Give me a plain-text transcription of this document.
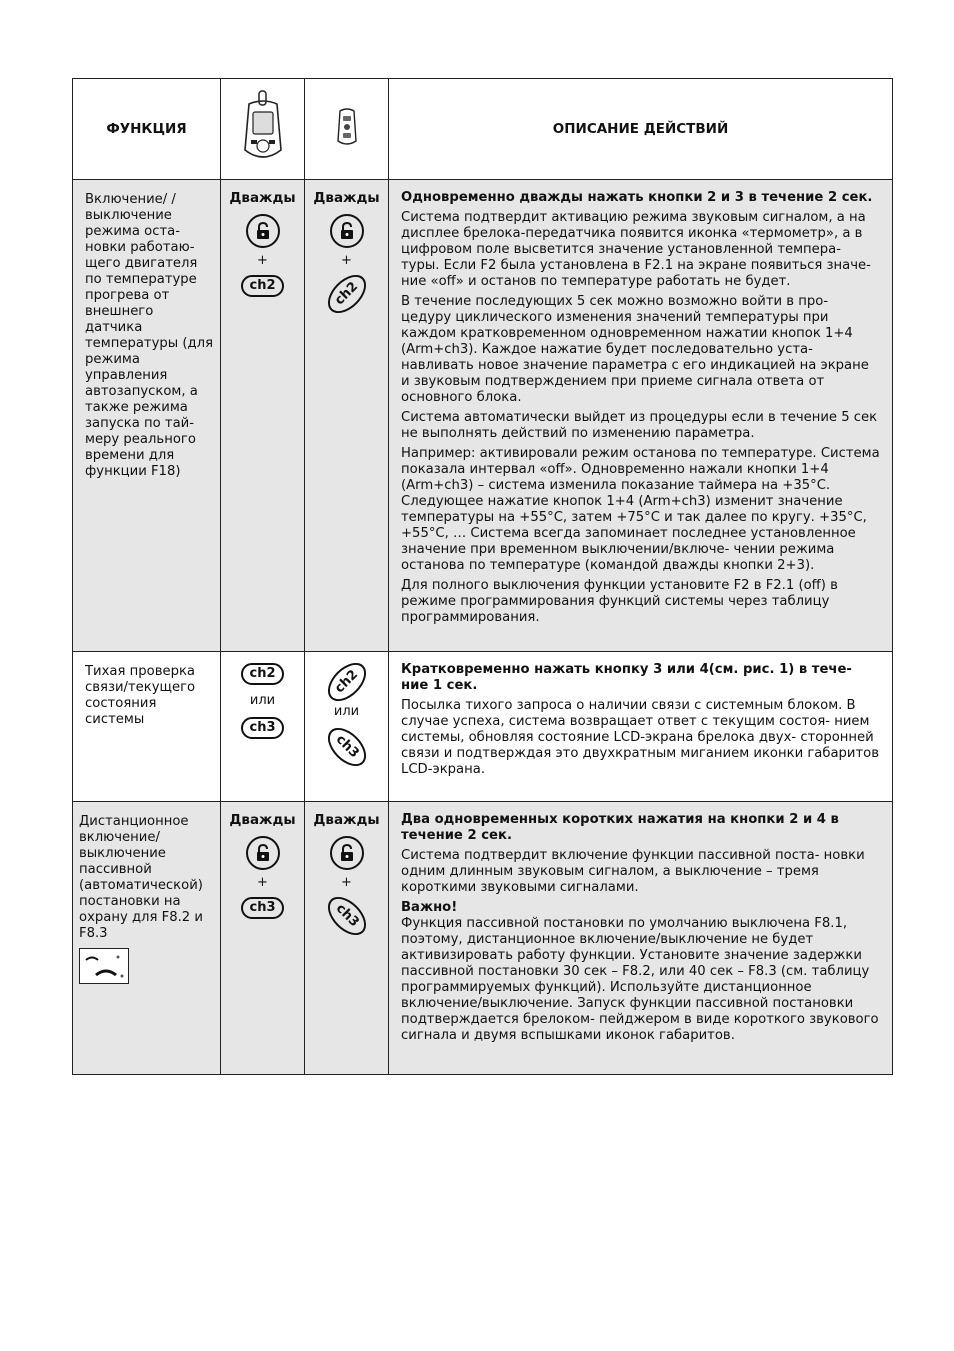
ФУНКЦИЯ	ОПИСАНИЕ ДЕЙСТВИЙ
Включение/ /выключение режима оста- новки работаю- щего двигателя по температуре прогрева от внешнего датчика температуры (для режима управления автозапуском, а также режима запуска по тай- меру реального времени для функции F18)
Дважды
+
ch2
Дважды
+
ch2

Одновременно дважды нажать кнопки 2 и 3 в течение 2 сек.

Система подтвердит активацию режима звуковым сигналом, а на дисплее брелока-передатчика появится иконка «термометр», а в цифровом поле высветится значение установленной темпера- туры. Если F2 была установлена в F2.1 на экране появиться значе- ние «off» и останов по температуре работать не будет.

В течение последующих 5 сек можно возможно войти в про- цедуру циклического изменения значений температуры при каждом кратковременном одновременном нажатии кнопок 1+4 (Arm+ch3). Каждое нажатие будет последовательно уста- навливать новое значение параметра с его индикацией на экране и звуковым подтверждением при приеме сигнала ответа от основного блока.

Система автоматически выйдет из процедуры если в течение 5 сек не выполнять действий по изменению параметра.

Например: активировали режим останова по температуре. Система показала интервал «off». Одновременно нажали кнопки 1+4 (Arm+ch3) – система изменила показание таймера на +35°C. Следующее нажатие кнопок 1+4 (Arm+ch3) изменит значение температуры на +55°C, затем +75°C и так далее по кругу. +35°C, +55°C, … Система всегда запоминает последнее установленное значение при временном выключении/включе- чении режима останова по температуре (командой дважды кнопки 2+3).

Для полного выключения функции установите F2 в F2.1 (off) в режиме программирования функций системы через таблицу программирования.

Тихая проверка связи/текущего состояния системы
ch2
или
ch3
ch2
или
ch3

Кратковременно нажать кнопку 3 или 4(см. рис. 1) в тече- ние 1 сек.

Посылка тихого запроса о наличии связи с системным блоком. В случае успеха, система возвращает ответ с текущим состоя- нием системы, обновляя состояние LCD-экрана брелока двух- сторонней связи и подтверждая это двухкратным миганием иконки габаритов LCD-экрана.

Дистанционное включение/ выключение пассивной (автоматической) постановки на охрану для F8.2 и F8.3
Дважды
+
ch3
Дважды
+
ch3

Два одновременных коротких нажатия на кнопки 2 и 4 в течение 2 сек.

Система подтвердит включение функции пассивной поста- новки одним длинным звуковым сигналом, а выключение – тремя короткими звуковыми сигналами.

Важно!

Функция пассивной постановки по умолчанию выключена F8.1, поэтому, дистанционное включение/выключение не будет активизировать работу функции. Установите значение задержки пассивной постановки 30 сек – F8.2, или 40 сек – F8.3 (см. таблицу программируемых функций). Используйте дистанционное включение/выключение. Запуск функции пассивной постановки подтверждается брелоком- пейджером в виде короткого звукового сигнала и двумя вспышками иконок габаритов.
